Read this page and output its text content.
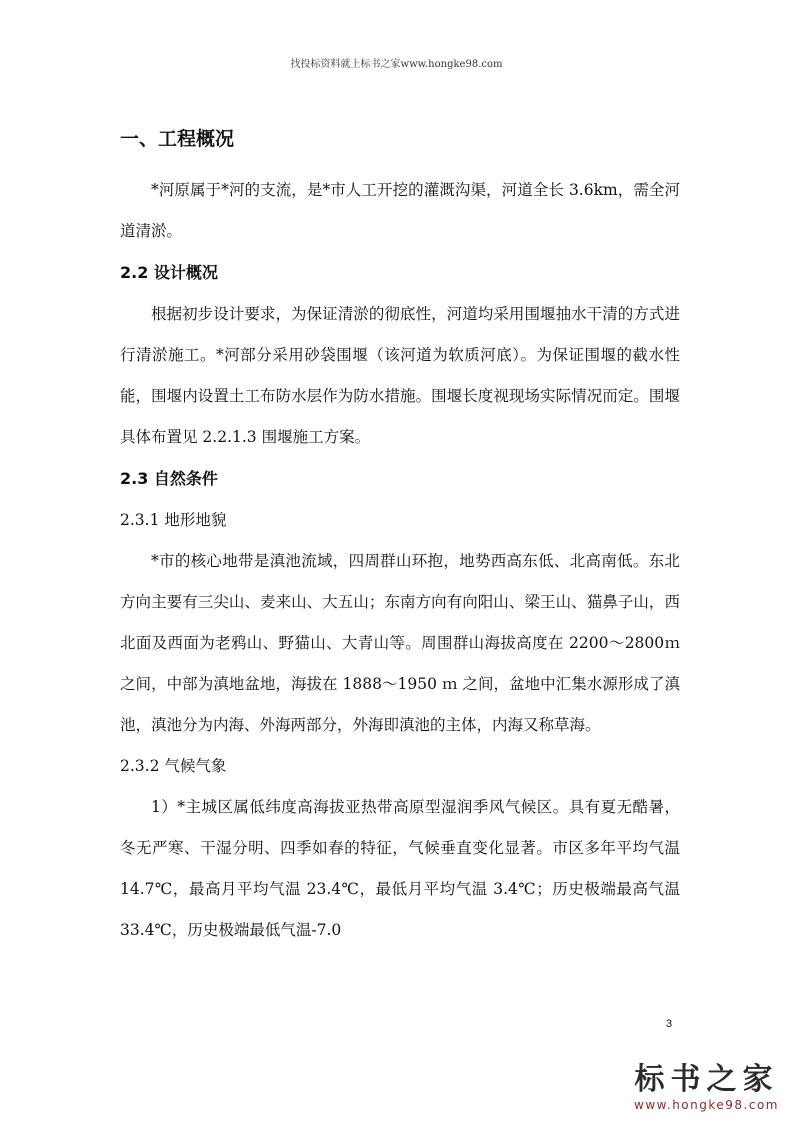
找投标资料就上标书之家www.hongke98.com
一、工程概况

*河原属于*河的支流，是*市人工开挖的灌溉沟渠，河道全长 3.6km，需全河道清淤。

2.2 设计概况

根据初步设计要求，为保证清淤的彻底性，河道均采用围堰抽水干清的方式进行清淤施工。*河部分采用砂袋围堰（该河道为软质河底）。为保证围堰的截水性能，围堰内设置土工布防水层作为防水措施。围堰长度视现场实际情况而定。围堰具体布置见 2.2.1.3 围堰施工方案。

2.3 自然条件
2.3.1 地形地貌

*市的核心地带是滇池流域，四周群山环抱，地势西高东低、北高南低。东北方向主要有三尖山、麦来山、大五山；东南方向有向阳山、梁王山、猫鼻子山，西北面及西面为老鸦山、野猫山、大青山等。周围群山海拔高度在 2200～2800ｍ之间，中部为滇地盆地，海拔在 1888～1950 ｍ 之间，盆地中汇集水源形成了滇池，滇池分为内海、外海两部分，外海即滇池的主体，内海又称草海。

2.3.2 气候气象

1）*主城区属低纬度高海拔亚热带高原型湿润季风气候区。具有夏无酷暑，冬无严寒、干湿分明、四季如春的特征，气候垂直变化显著。市区多年平均气温 14.7℃，最高月平均气温 23.4℃，最低月平均气温 3.4℃；历史极端最高气温 33.4℃，历史极端最低气温-7.0

3
标书之家
www.hongke98.com
